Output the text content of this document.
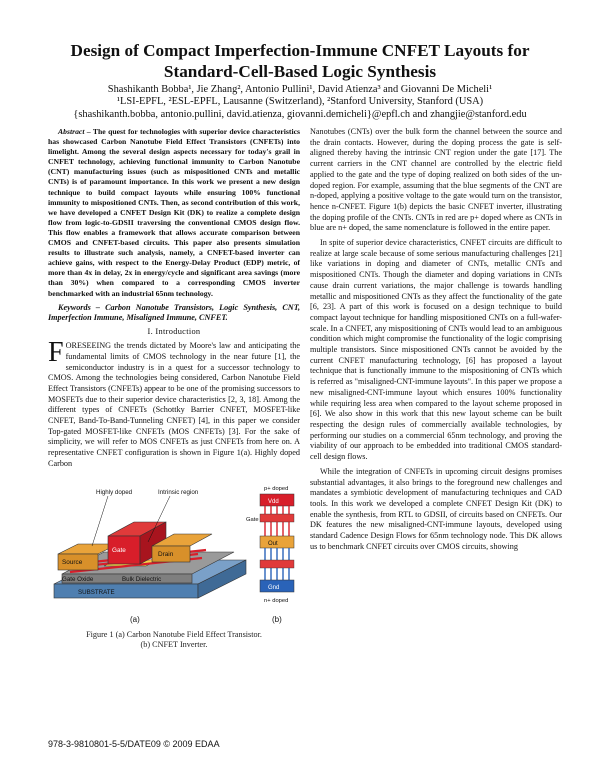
Design of Compact Imperfection-Immune CNFET Layouts for Standard-Cell-Based Logic Synthesis
Shashikanth Bobba¹, Jie Zhang², Antonio Pullini¹, David Atienza³ and Giovanni De Micheli¹
¹LSI-EPFL, ²ESL-EPFL, Lausanne (Switzerland), ²Stanford University, Stanford (USA)
{shashikanth.bobba, antonio.pullini, david.atienza, giovanni.demicheli}@epfl.ch and zhangjie@stanford.edu

Abstract – The quest for technologies with superior device characteristics has showcased Carbon Nanotube Field Effect Transistors (CNFETs) into limelight. Among the several design aspects necessary for today's grail in CNFET technology, achieving functional immunity to Carbon Nanotube (CNT) manufacturing issues (such as mispositioned CNTs and metallic CNTs) is of paramount importance. In this work we present a new design technique to build compact layouts while ensuring 100% functional immunity to mispositioned CNTs. Then, as second contribution of this work, we have developed a CNFET Design Kit (DK) to realize a complete design flow from logic-to-GDSII traversing the conventional CMOS design flow. This flow enables a framework that allows accurate comparison between CMOS and CNFET-based circuits. This paper also presents simulation results to illustrate such analysis, namely, a CNFET-based inverter can achieve gains, with respect to the Energy-Delay Product (EDP) metric, of more than 4x in delay, 2x in energy/cycle and significant area savings (more than 30%) when compared to a corresponding CMOS inverter benchmarked with an industrial 65nm technology.

Keywords – Carbon Nanotube Transistors, Logic Synthesis, CNT, Imperfection Immune, Misaligned Immune, CNFET.

I. Introduction

FORESEEING the trends dictated by Moore's law and anticipating the fundamental limits of CMOS technology in the near future [1], the semiconductor industry is in a quest for a successor technology to CMOS. Among the technologies being considered, Carbon Nanotube Field Effect Transistors (CNFETs) appear to be one of the promising successors to MOSFETs due to their superior device characteristics [2, 3, 18]. Among the different types of CNFETs (Schottky Barrier CNFET, MOSFET-like CNFET, Band-To-Band-Tunneling CNFET) [4], in this paper we consider Top-gated MOSFET-like CNFETs (MOS CNFETs) [3]. For the sake of simplicity, we will refer to MOS CNFETs as just CNFETs from here on. A representative CNFET configuration is shown in Figure 1(a). Highly doped Carbon

Highly doped	Intrinsic region
Source
Gate
Drain
Gate Oxide	Bulk Dielectric
SUBSTRATE
(a)
p+ doped
Vdd
Gate
Out
Gnd
n+ doped
(b)
Figure 1 (a) Carbon Nanotube Field Effect Transistor.
(b) CNFET Inverter.

Nanotubes (CNTs) over the bulk form the channel between the source and the drain contacts. However, during the doping process the gate is self-aligned thereby having the intrinsic CNT region under the gate [17]. The current carriers in the CNT channel are controlled by the electric field applied to the gate and the type of doping realized on both sides of the un-doped region. For example, assuming that the blue segments of the CNT are n-doped, applying a positive voltage to the gate would turn on the transistor, hence n-CNFET. Figure 1(b) depicts the basic CNFET inverter, illustrating the doping profile of the CNTs. CNTs in red are p+ doped where as CNTs in blue are n+ doped, the same nomenclature is followed in the entire paper.

In spite of superior device characteristics, CNFET circuits are difficult to realize at large scale because of some serious manufacturing challenges [21] like variations in doping and diameter of CNTs, metallic CNTs and mispositioned CNTs. Though the diameter and doping variations in CNTs cause drain current variations, the major challenge is towards handling metallic and mispositioned CNTs as they affect the functionality of the gate [6, 23]. A part of this work is focused on a design technique to build compact layout technique for handling mispositioned CNTs on a full-wafer-scale. In a CNFET, any mispositioning of CNTs would lead to an ambiguous condition which might compromise the functionality of the logic comprising multiple transistors. Since mispositioned CNTs cannot be avoided by the current CNFET manufacturing technology, [6] has proposed a layout technique that is functionally immune to the mispositioning of CNTs which is referred as "misaligned-CNT-immune layouts". In this paper we propose a new misaligned-CNT-immune layout which ensures 100% functionality while requiring less area when compared to the layout scheme proposed in [6]. We also show in this work that this new layout scheme can be built respecting the design rules of commercially available technologies, by performing our studies on a commercial 65nm technology, and proving the viability of our approach to be embedded into traditional CMOS standard-cell design flows.

While the integration of CNFETs in upcoming circuit designs promises substantial advantages, it also brings to the foreground new challenges and mandates a symbiotic development of manufacturing techniques and CAD tools. In this work we developed a complete CNFET Design Kit (DK) to enable the synthesis, from RTL to GDSII, of circuits based on CNFETs. Our DK features the new misaligned-CNT-immune layouts, developed using standard Cadence Design Flows for 65nm technology node. This DK allows us to benchmark CNFET circuits over CMOS circuits, showing

978-3-9810801-5-5/DATE09 © 2009 EDAA
